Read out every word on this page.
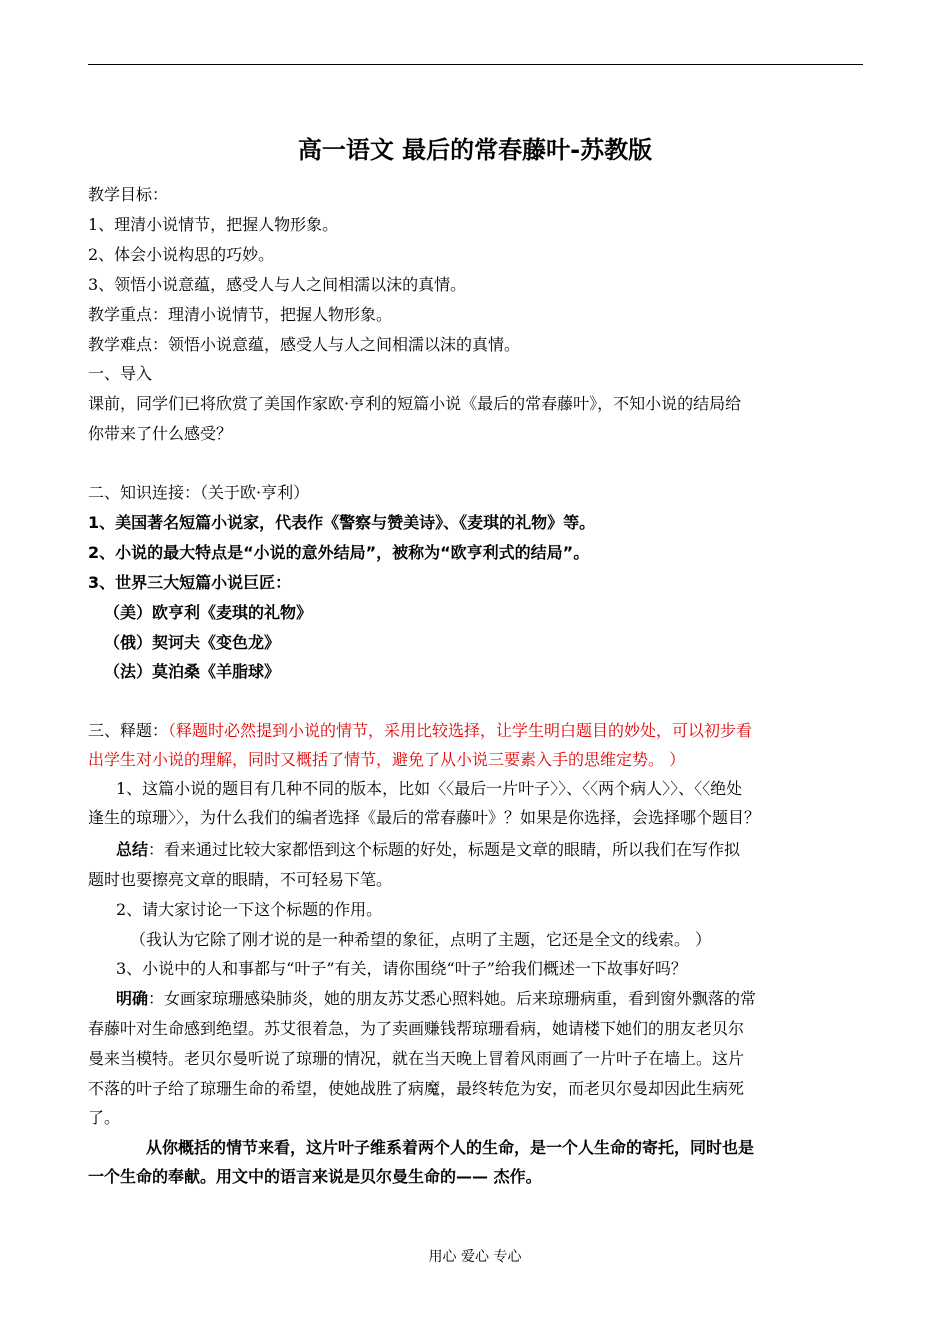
高一语文 最后的常春藤叶-苏教版
教学目标：
1、理清小说情节，把握人物形象。
2、体会小说构思的巧妙。
3、领悟小说意蕴，感受人与人之间相濡以沫的真情。
教学重点：理清小说情节，把握人物形象。
教学难点：领悟小说意蕴，感受人与人之间相濡以沫的真情。
一、导入
课前，同学们已将欣赏了美国作家欧·亨利的短篇小说《最后的常春藤叶》，不知小说的结局给
你带来了什么感受？
二、知识连接：（关于欧·亨利）
1、美国著名短篇小说家，代表作《警察与赞美诗》、《麦琪的礼物》等。
2、小说的最大特点是“小说的意外结局”，被称为“欧亨利式的结局”。
3、世界三大短篇小说巨匠：
（美）欧亨利《麦琪的礼物》
（俄）契诃夫《变色龙》
（法）莫泊桑《羊脂球》
三、释题：（释题时必然提到小说的情节，采用比较选择，让学生明白题目的妙处，可以初步看
出学生对小说的理解，同时又概括了情节，避免了从小说三要素入手的思维定势。 ）
1、这篇小说的题目有几种不同的版本，比如〈〈最后一片叶子〉〉、〈〈两个病人〉〉、〈〈绝处
逢生的琼珊〉〉，为什么我们的编者选择《最后的常春藤叶》？如果是你选择，会选择哪个题目？
总结：看来通过比较大家都悟到这个标题的好处，标题是文章的眼睛，所以我们在写作拟
题时也要擦亮文章的眼睛，不可轻易下笔。
2、请大家讨论一下这个标题的作用。
（我认为它除了刚才说的是一种希望的象征，点明了主题，它还是全文的线索。 ）
3、小说中的人和事都与“叶子”有关，请你围绕“叶子”给我们概述一下故事好吗？
明确：女画家琼珊感染肺炎，她的朋友苏艾悉心照料她。后来琼珊病重，看到窗外飘落的常
春藤叶对生命感到绝望。苏艾很着急，为了卖画赚钱帮琼珊看病，她请楼下她们的朋友老贝尔
曼来当模特。老贝尔曼听说了琼珊的情况，就在当天晚上冒着风雨画了一片叶子在墙上。这片
不落的叶子给了琼珊生命的希望，使她战胜了病魔，最终转危为安，而老贝尔曼却因此生病死
了。
从你概括的情节来看，这片叶子维系着两个人的生命，是一个人生命的寄托，同时也是
一个生命的奉献。用文中的语言来说是贝尔曼生命的—— 杰作。
用心 爱心 专心
